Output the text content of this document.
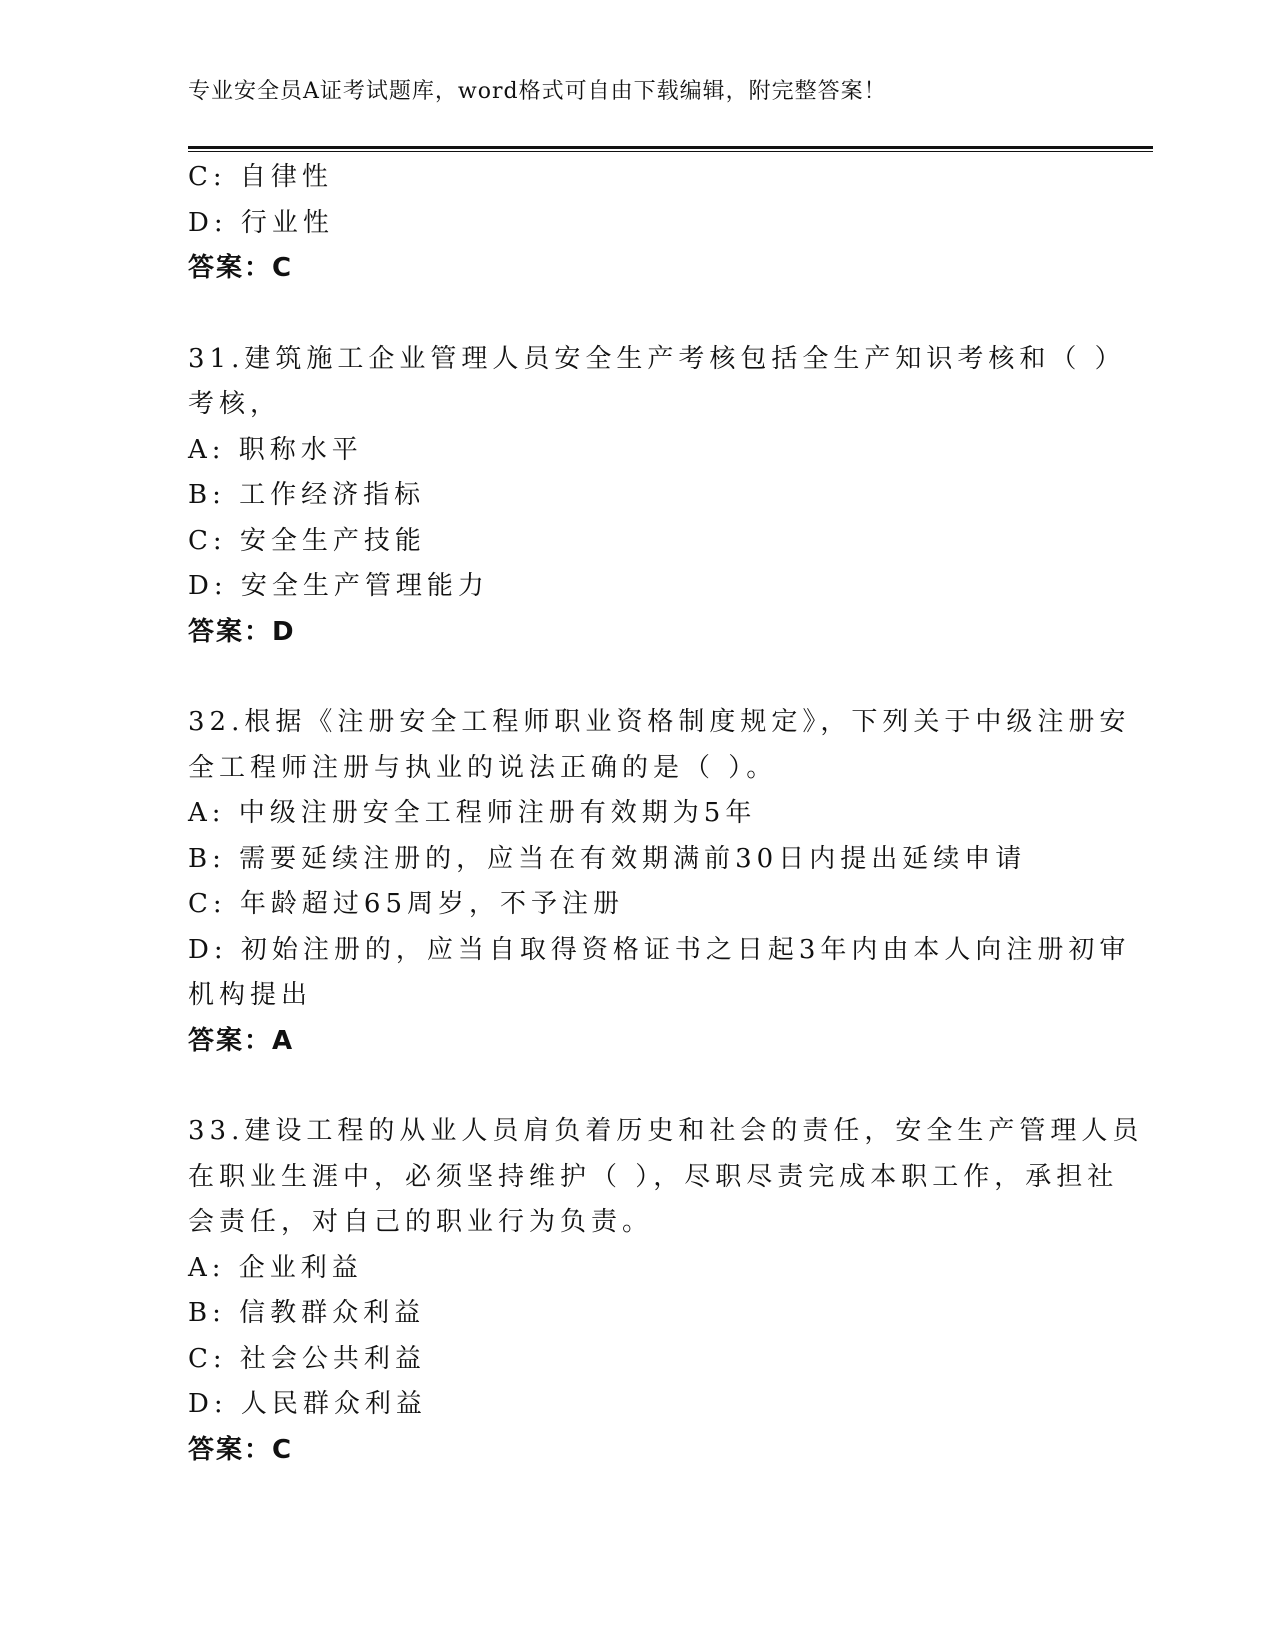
专业安全员A证考试题库，word格式可自由下载编辑，附完整答案！
C: 自律性
D: 行业性
答案：C
31.建筑施工企业管理人员安全生产考核包括全生产知识考核和（ ）
考核，
A: 职称水平
B: 工作经济指标
C: 安全生产技能
D: 安全生产管理能力
答案：D
32.根据《注册安全工程师职业资格制度规定》，下列关于中级注册安
全工程师注册与执业的说法正确的是（ ）。
A: 中级注册安全工程师注册有效期为5年
B: 需要延续注册的，应当在有效期满前30日内提出延续申请
C: 年龄超过65周岁，不予注册
D: 初始注册的，应当自取得资格证书之日起3年内由本人向注册初审
机构提出
答案：A
33.建设工程的从业人员肩负着历史和社会的责任，安全生产管理人员
在职业生涯中，必须坚持维护（ ），尽职尽责完成本职工作，承担社
会责任，对自己的职业行为负责。
A: 企业利益
B: 信教群众利益
C: 社会公共利益
D: 人民群众利益
答案：C
